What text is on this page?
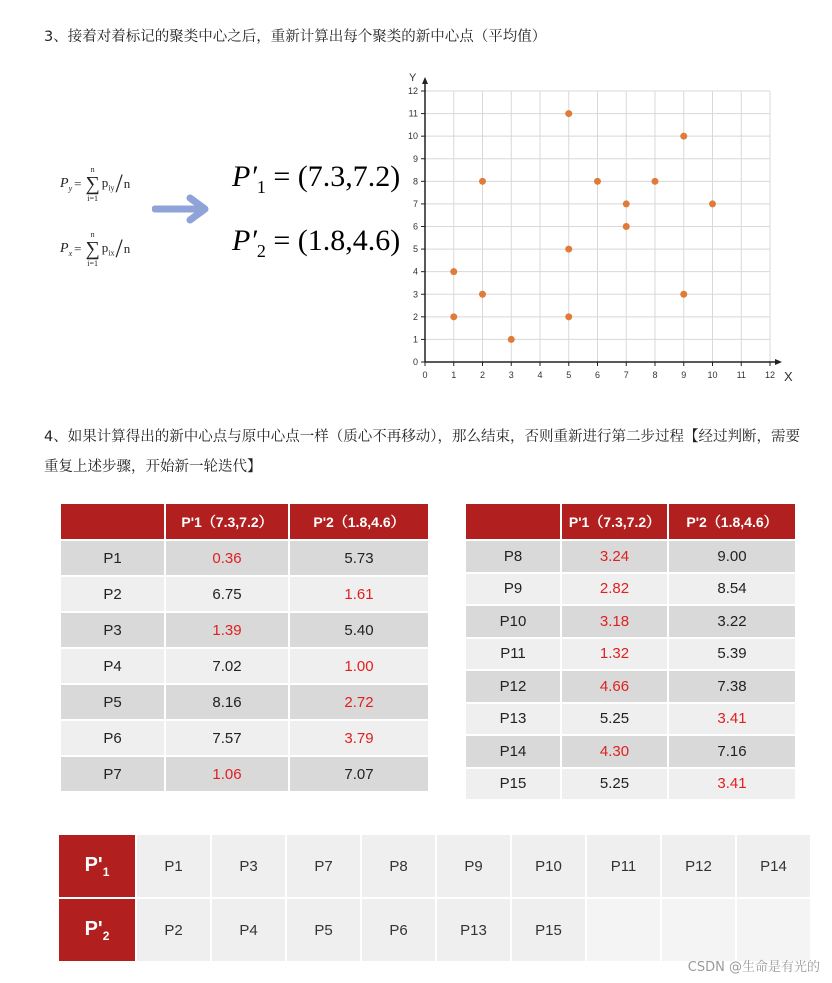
3、接着对着标记的聚类中心之后，重新计算出每个聚类的新中心点（平均值）
$P_y$ =
n
∑
i=1
$p_{iy}$ / n
$P_x$ =
n
∑
i=1
$p_{ix}$ / n
$P'_1 = (7.3,7.2)$
$P'_2 = (1.8,4.6)$
0	1	2	3	4	5	6	7	8	9 10 11 12
0
1
2
3
4
5
6
7
8
9
10
11
12
X
Y
4、如果计算得出的新中心点与原中心点一样（质心不再移动），那么结束，否则重新进行第二步过程【经过判断，需要重复上述步骤，开始新一轮迭代】
	P'1（7.3,7.2）	P'2（1.8,4.6）
P1	0.36	5.73
P2	6.75	1.61
P3	1.39	5.40
P4	7.02	1.00
P5	8.16	2.72
P6	7.57	3.79
P7	1.06	7.07
	P'1（7.3,7.2）	P'2（1.8,4.6）
P8	3.24	9.00
P9	2.82	8.54
P10	3.18	3.22
P11	1.32	5.39
P12	4.66	7.38
P13	5.25	3.41
P14	4.30	7.16
P15	5.25	3.41
$P'_1$	P1	P3	P7	P8	P9	P10	P11	P12	P14
$P'_2$	P2	P4	P5	P6	P13	P15			
CSDN @生命是有光的
